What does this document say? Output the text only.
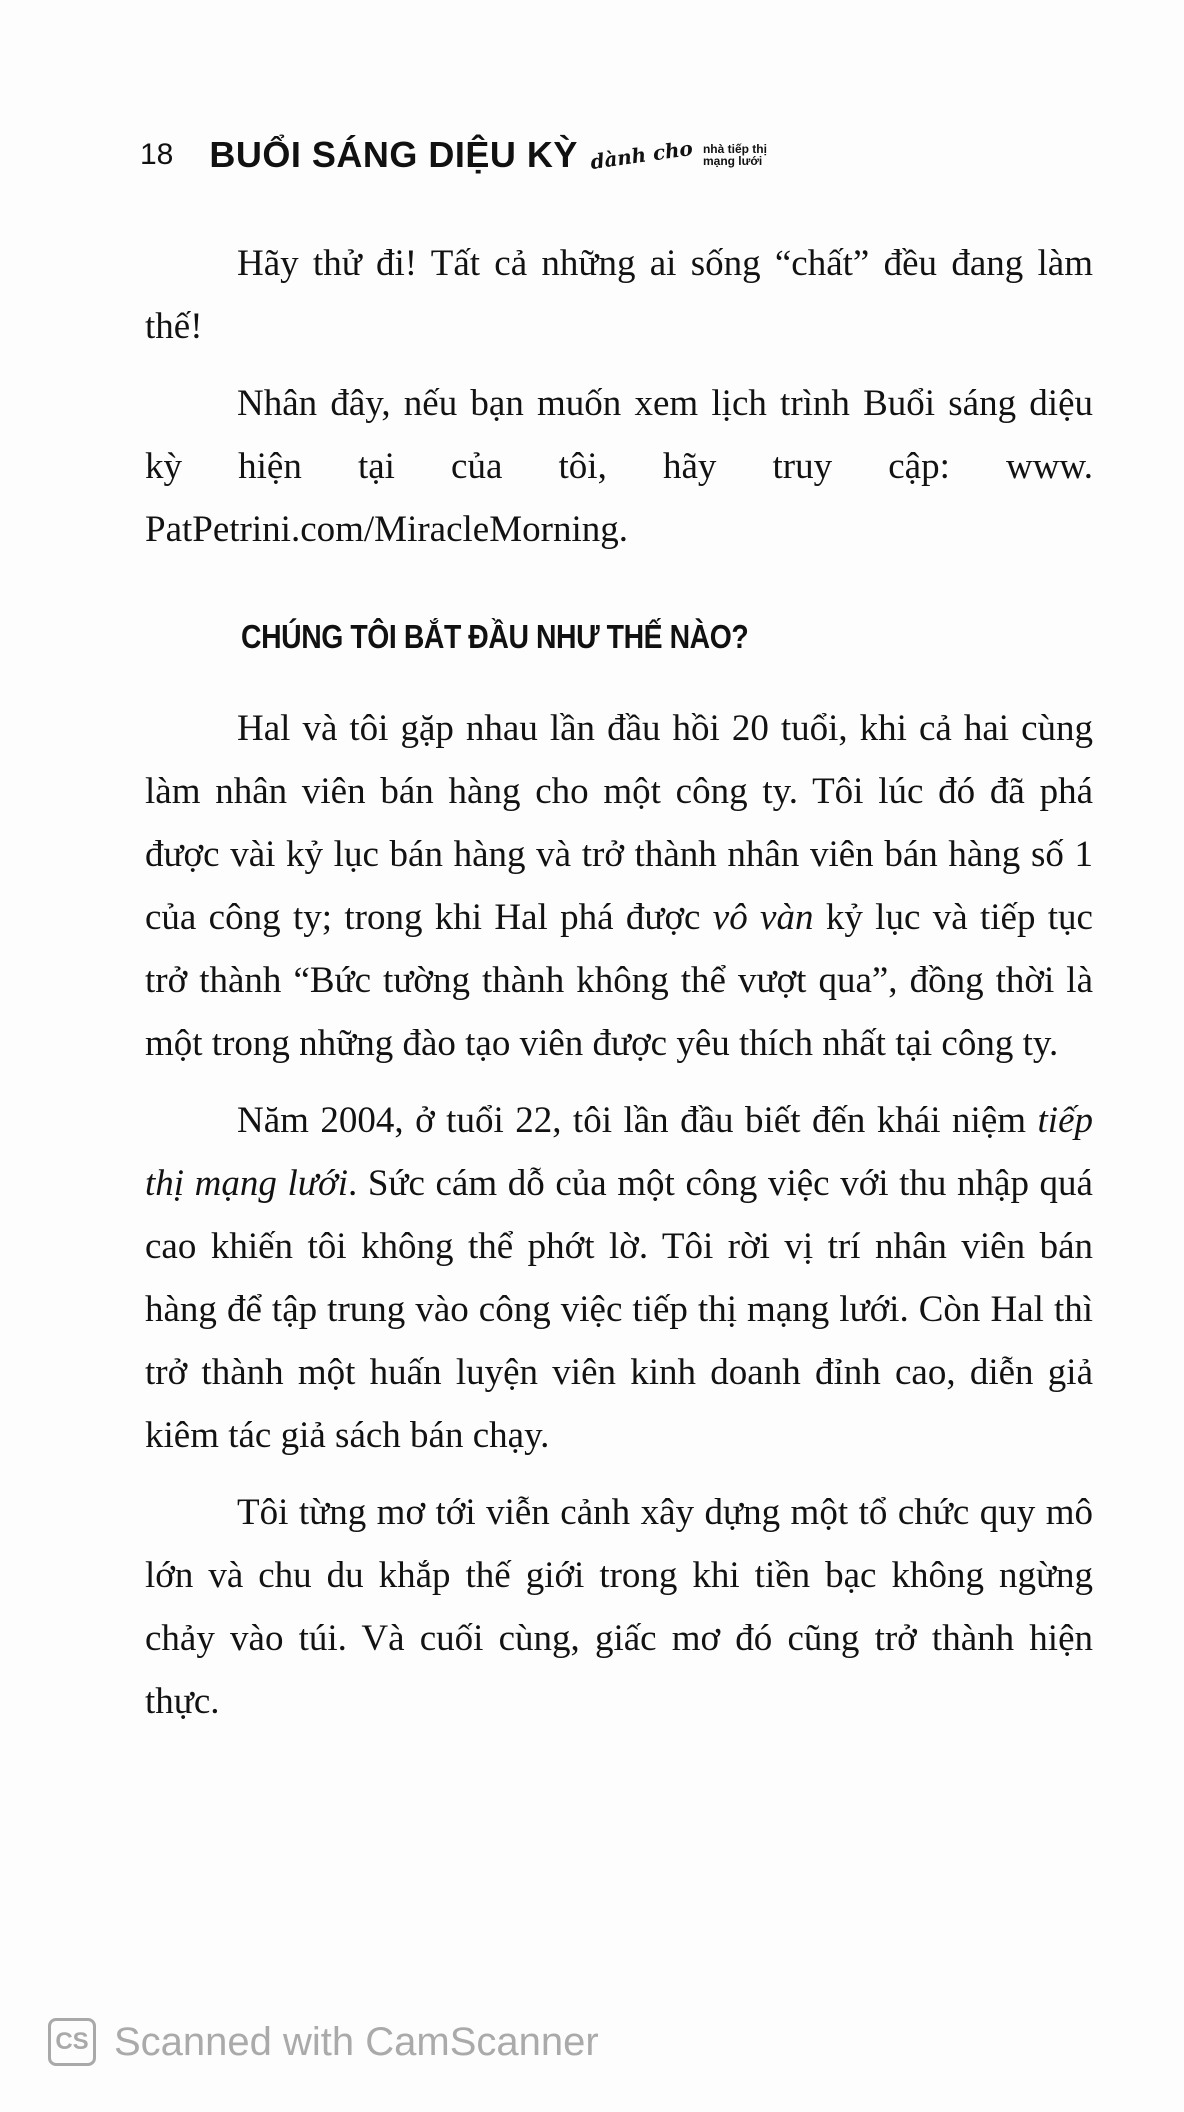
18 BUỔI SÁNG DIỆU KỲ dành cho nhà tiếp thị
mạng lưới

Hãy thử đi! Tất cả những ai sống “chất” đều đang làm thế!

Nhân đây, nếu bạn muốn xem lịch trình Buổi sáng diệu kỳ hiện tại của tôi, hãy truy cập: www. PatPetrini.com/MiracleMorning.

CHÚNG TÔI BẮT ĐẦU NHƯ THẾ NÀO?

Hal và tôi gặp nhau lần đầu hồi 20 tuổi, khi cả hai cùng làm nhân viên bán hàng cho một công ty. Tôi lúc đó đã phá được vài kỷ lục bán hàng và trở thành nhân viên bán hàng số 1 của công ty; trong khi Hal phá được vô vàn kỷ lục và tiếp tục trở thành “Bức tường thành không thể vượt qua”, đồng thời là một trong những đào tạo viên được yêu thích nhất tại công ty.

Năm 2004, ở tuổi 22, tôi lần đầu biết đến khái niệm tiếp thị mạng lưới. Sức cám dỗ của một công việc với thu nhập quá cao khiến tôi không thể phớt lờ. Tôi rời vị trí nhân viên bán hàng để tập trung vào công việc tiếp thị mạng lưới. Còn Hal thì trở thành một huấn luyện viên kinh doanh đỉnh cao, diễn giả kiêm tác giả sách bán chạy.

Tôi từng mơ tới viễn cảnh xây dựng một tổ chức quy mô lớn và chu du khắp thế giới trong khi tiền bạc không ngừng chảy vào túi. Và cuối cùng, giấc mơ đó cũng trở thành hiện thực.

CS Scanned with CamScanner
